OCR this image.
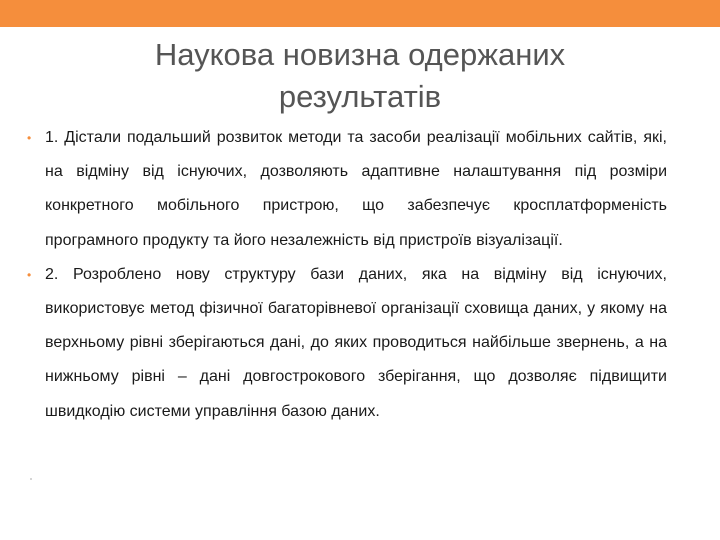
Наукова новизна одержаних результатів
• 1. Дістали подальший розвиток методи та засоби реалізації мобільних сайтів, які, на відміну від існуючих, дозволяють адаптивне налаштування під розміри конкретного мобільного пристрою, що забезпечує кросплатформеність програмного продукту та його незалежність від пристроїв візуалізації.
• 2. Розроблено нову структуру бази даних, яка на відміну від існуючих, використовує метод фізичної багаторівневої організації сховища даних, у якому на верхньому рівні зберігаються дані, до яких проводиться найбільше звернень, а на нижньому рівні – дані довгострокового зберігання, що дозволяє підвищити швидкодію системи управління базою даних.
